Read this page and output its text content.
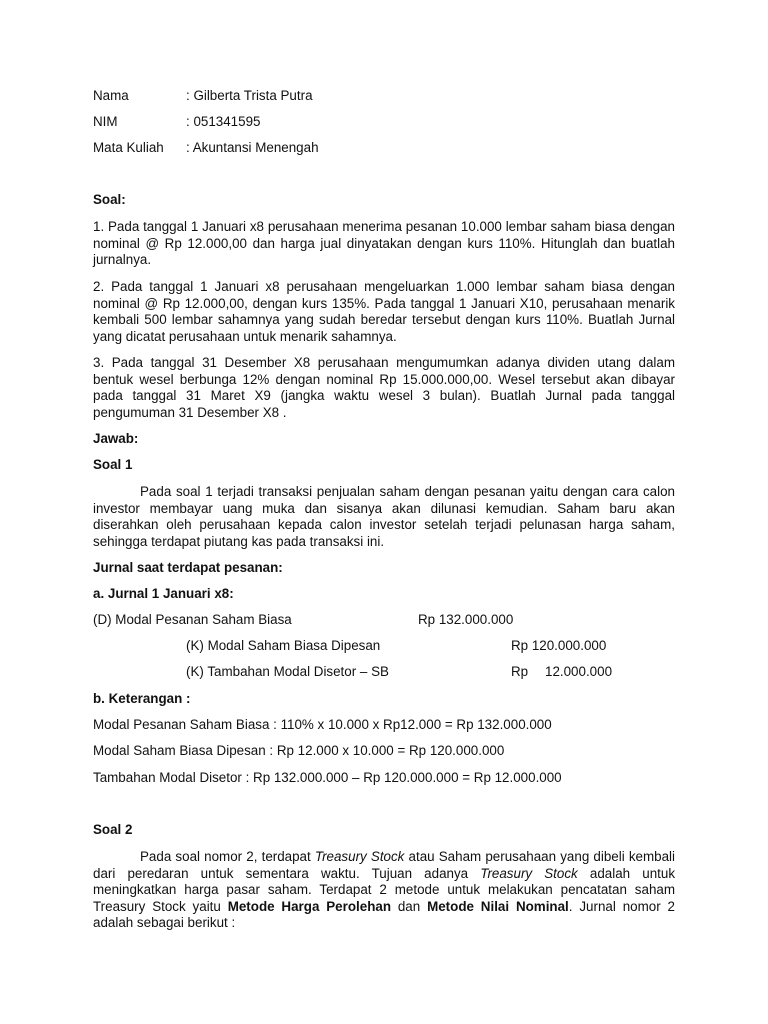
Nama	: Gilberta Trista Putra
NIM	: 051341595
Mata Kuliah : Akuntansi Menengah
Soal:
1. Pada tanggal 1 Januari x8 perusahaan menerima pesanan 10.000 lembar saham biasa dengan nominal @ Rp 12.000,00 dan harga jual dinyatakan dengan kurs 110%. Hitunglah dan buatlah jurnalnya.
2. Pada tanggal 1 Januari x8 perusahaan mengeluarkan 1.000 lembar saham biasa dengan nominal @ Rp 12.000,00, dengan kurs 135%. Pada tanggal 1 Januari X10, perusahaan menarik kembali 500 lembar sahamnya yang sudah beredar tersebut dengan kurs 110%. Buatlah Jurnal yang dicatat perusahaan untuk menarik sahamnya.
3. Pada tanggal 31 Desember X8 perusahaan mengumumkan adanya dividen utang dalam bentuk wesel berbunga 12% dengan nominal Rp 15.000.000,00. Wesel tersebut akan dibayar pada tanggal 31 Maret X9 (jangka waktu wesel 3 bulan). Buatlah Jurnal pada tanggal pengumuman 31 Desember X8 .
Jawab:
Soal 1
Pada soal 1 terjadi transaksi penjualan saham dengan pesanan yaitu dengan cara calon investor membayar uang muka dan sisanya akan dilunasi kemudian. Saham baru akan diserahkan oleh perusahaan kepada calon investor setelah terjadi pelunasan harga saham, sehingga terdapat piutang kas pada transaksi ini.
Jurnal saat terdapat pesanan:
a. Jurnal 1 Januari x8:
(D) Modal Pesanan Saham Biasa	Rp 132.000.000
(K) Modal Saham Biasa Dipesan	Rp 120.000.000
(K) Tambahan Modal Disetor – SB	Rp 12.000.000
b. Keterangan :
Modal Pesanan Saham Biasa : 110% x 10.000 x Rp12.000 = Rp 132.000.000
Modal Saham Biasa Dipesan : Rp 12.000 x 10.000 = Rp 120.000.000
Tambahan Modal Disetor : Rp 132.000.000 – Rp 120.000.000 = Rp 12.000.000
Soal 2
Pada soal nomor 2, terdapat Treasury Stock atau Saham perusahaan yang dibeli kembali dari peredaran untuk sementara waktu. Tujuan adanya Treasury Stock adalah untuk meningkatkan harga pasar saham. Terdapat 2 metode untuk melakukan pencatatan saham Treasury Stock yaitu Metode Harga Perolehan dan Metode Nilai Nominal. Jurnal nomor 2 adalah sebagai berikut :
